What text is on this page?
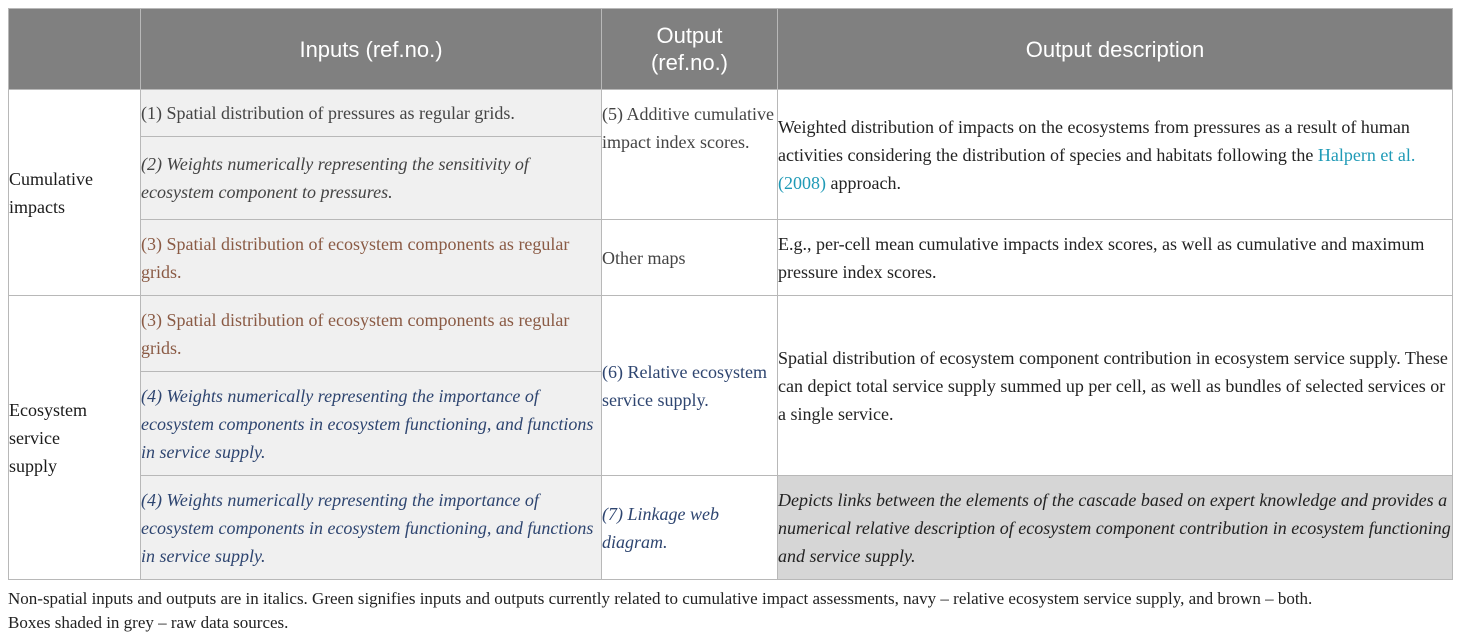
	Inputs (ref.no.)	Output (ref.no.)	Output description

Cumulative impacts	(1) Spatial distribution of pressures as regular grids.	(5) Additive cumulative impact index scores.	Weighted distribution of impacts on the ecosystems from pressures as a result of human activities considering the distribution of species and habitats following the Halpern et al. (2008) approach.
	(2) Weights numerically representing the sensitivity of ecosystem component to pressures.		
	(3) Spatial distribution of ecosystem components as regular grids.	Other maps	E.g., per-cell mean cumulative impacts index scores, as well as cumulative and maximum pressure index scores.

Ecosystem service supply	(3) Spatial distribution of ecosystem components as regular grids.	(6) Relative ecosystem service supply.	Spatial distribution of ecosystem component contribution in ecosystem service supply. These can depict total service supply summed up per cell, as well as bundles of selected services or a single service.
	(4) Weights numerically representing the importance of ecosystem components in ecosystem functioning, and functions in service supply.		
	(4) Weights numerically representing the importance of ecosystem components in ecosystem functioning, and functions in service supply.	(7) Linkage web diagram.	Depicts links between the elements of the cascade based on expert knowledge and provides a numerical relative description of ecosystem component contribution in ecosystem functioning and service supply.
Non-spatial inputs and outputs are in italics. Green signifies inputs and outputs currently related to cumulative impact assessments, navy – relative ecosystem service supply, and brown – both.
Boxes shaded in grey – raw data sources.
